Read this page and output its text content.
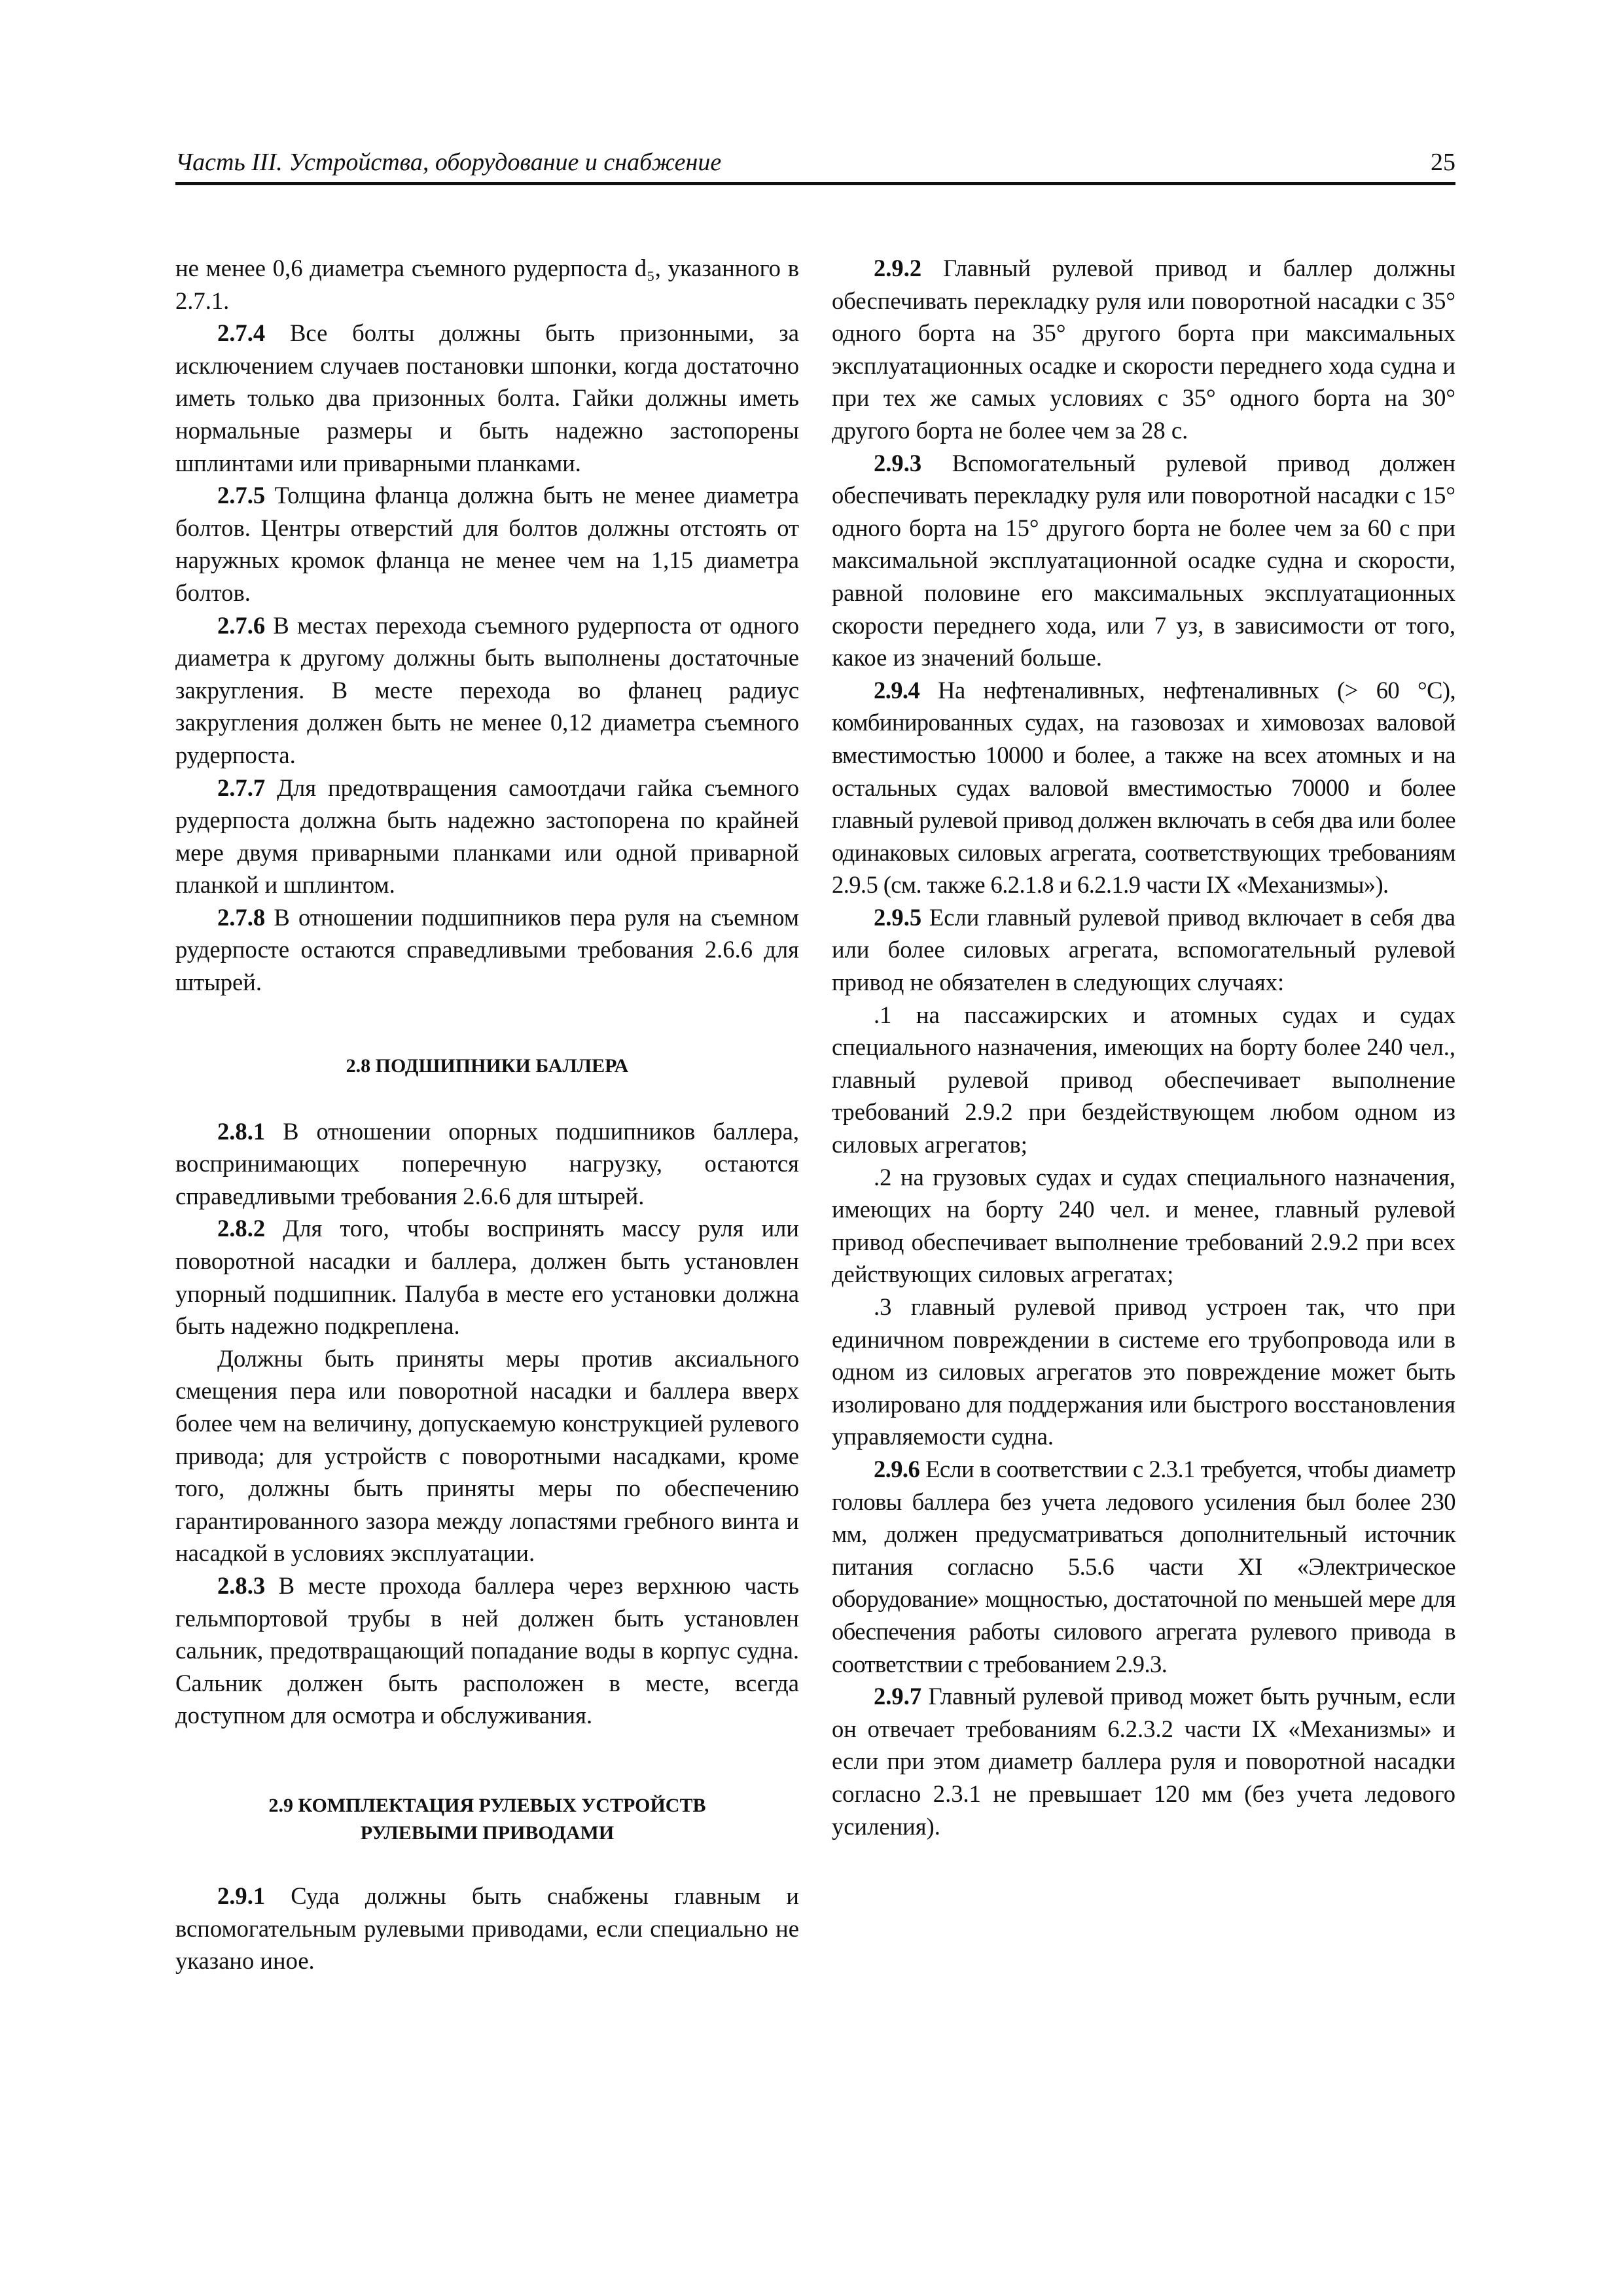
Часть III. Устройства, оборудование и снабжение	25

не менее 0,6 диаметра съемного рудерпоста d₅, указанного в 2.7.1.

2.7.4 Все болты должны быть призонными, за исключением случаев постановки шпонки, когда достаточно иметь только два призонных болта. Гайки должны иметь нормальные размеры и быть надежно застопорены шплинтами или приварными планками.

2.7.5 Толщина фланца должна быть не менее диаметра болтов. Центры отверстий для болтов должны отстоять от наружных кромок фланца не менее чем на 1,15 диаметра болтов.

2.7.6 В местах перехода съемного рудерпоста от одного диаметра к другому должны быть выполнены достаточные закругления. В месте перехода во фланец радиус закругления должен быть не менее 0,12 диаметра съемного рудерпоста.

2.7.7 Для предотвращения самоотдачи гайка съемного рудерпоста должна быть надежно застопорена по крайней мере двумя приварными планками или одной приварной планкой и шплинтом.

2.7.8 В отношении подшипников пера руля на съемном рудерпосте остаются справедливыми требования 2.6.6 для штырей.

2.8 ПОДШИПНИКИ БАЛЛЕРА

2.8.1 В отношении опорных подшипников баллера, воспринимающих поперечную нагрузку, остаются справедливыми требования 2.6.6 для штырей.

2.8.2 Для того, чтобы воспринять массу руля или поворотной насадки и баллера, должен быть установлен упорный подшипник. Палуба в месте его установки должна быть надежно подкреплена.

Должны быть приняты меры против аксиального смещения пера или поворотной насадки и баллера вверх более чем на величину, допускаемую конструкцией рулевого привода; для устройств с поворотными насадками, кроме того, должны быть приняты меры по обеспечению гарантированного зазора между лопастями гребного винта и насадкой в условиях эксплуатации.

2.8.3 В месте прохода баллера через верхнюю часть гельмпортовой трубы в ней должен быть установлен сальник, предотвращающий попадание воды в корпус судна. Сальник должен быть расположен в месте, всегда доступном для осмотра и обслуживания.

2.9 КОМПЛЕКТАЦИЯ РУЛЕВЫХ УСТРОЙСТВ
РУЛЕВЫМИ ПРИВОДАМИ

2.9.1 Суда должны быть снабжены главным и вспомогательным рулевыми приводами, если специально не указано иное.

2.9.2 Главный рулевой привод и баллер должны обеспечивать перекладку руля или поворотной насадки с 35° одного борта на 35° другого борта при максимальных эксплуатационных осадке и скорости переднего хода судна и при тех же самых условиях с 35° одного борта на 30° другого борта не более чем за 28 с.

2.9.3 Вспомогательный рулевой привод должен обеспечивать перекладку руля или поворотной насадки с 15° одного борта на 15° другого борта не более чем за 60 с при максимальной эксплуатационной осадке судна и скорости, равной половине его максимальных эксплуатационных скорости переднего хода, или 7 уз, в зависимости от того, какое из значений больше.

2.9.4 На нефтеналивных, нефтеналивных (> 60 °С), комбинированных судах, на газовозах и химовозах валовой вместимостью 10000 и более, а также на всех атомных и на остальных судах валовой вместимостью 70000 и более главный рулевой привод должен включать в себя два или более одинаковых силовых агрегата, соответствующих требованиям 2.9.5 (см. также 6.2.1.8 и 6.2.1.9 части IX «Механизмы»).

2.9.5 Если главный рулевой привод включает в себя два или более силовых агрегата, вспомогательный рулевой привод не обязателен в следующих случаях:

.1 на пассажирских и атомных судах и судах специального назначения, имеющих на борту более 240 чел., главный рулевой привод обеспечивает выполнение требований 2.9.2 при бездействующем любом одном из силовых агрегатов;

.2 на грузовых судах и судах специального назначения, имеющих на борту 240 чел. и менее, главный рулевой привод обеспечивает выполнение требований 2.9.2 при всех действующих силовых агрегатах;

.3 главный рулевой привод устроен так, что при единичном повреждении в системе его трубопровода или в одном из силовых агрегатов это повреждение может быть изолировано для поддержания или быстрого восстановления управляемости судна.

2.9.6 Если в соответствии с 2.3.1 требуется, чтобы диаметр головы баллера без учета ледового усиления был более 230 мм, должен предусматриваться дополнительный источник питания согласно 5.5.6 части XI «Электрическое оборудование» мощностью, достаточной по меньшей мере для обеспечения работы силового агрегата рулевого привода в соответствии с требованием 2.9.3.

2.9.7 Главный рулевой привод может быть ручным, если он отвечает требованиям 6.2.3.2 части IX «Механизмы» и если при этом диаметр баллера руля и поворотной насадки согласно 2.3.1 не превышает 120 мм (без учета ледового усиления).
